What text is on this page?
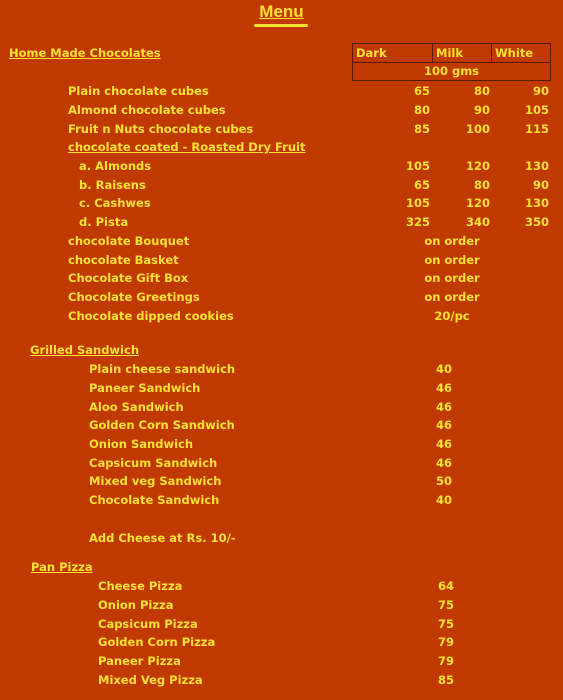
Menu
Home Made Chocolates	Dark	Milk	White
100 gms
Plain chocolate cubes	65	80	90
Almond chocolate cubes	80	90	105
Fruit n Nuts chocolate cubes	85	100	115
chocolate coated - Roasted Dry Fruit
a. Almonds	105	120	130
b. Raisens	65	80	90
c. Cashwes	105	120	130
d. Pista	325	340	350
chocolate Bouquet	on order
chocolate Basket	on order
Chocolate Gift Box	on order
Chocolate Greetings	on order
Chocolate dipped cookies	20/pc
Grilled Sandwich
Plain cheese sandwich	40
Paneer Sandwich	46
Aloo Sandwich	46
Golden Corn Sandwich	46
Onion Sandwich	46
Capsicum Sandwich	46
Mixed veg Sandwich	50
Chocolate Sandwich	40
Add Cheese at Rs. 10/-
Pan Pizza
Cheese Pizza	64
Onion Pizza	75
Capsicum Pizza	75
Golden Corn Pizza	79
Paneer Pizza	79
Mixed Veg Pizza	85
